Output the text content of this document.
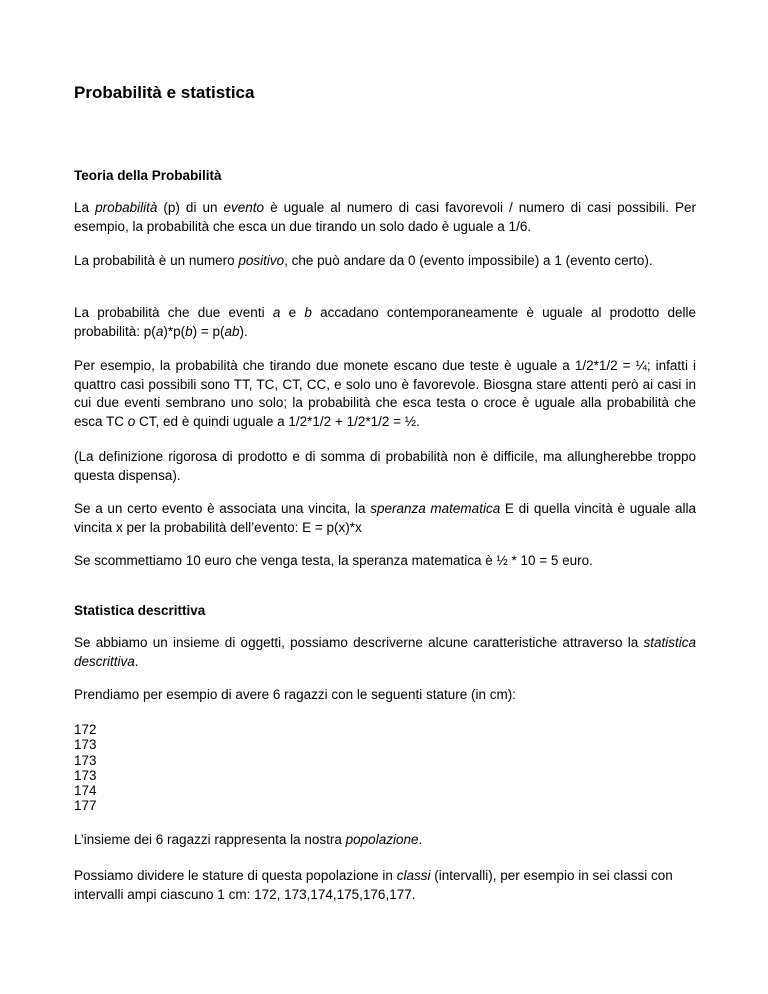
Probabilità e statistica
Teoria della Probabilità

La probabilità (p) di un evento è uguale al numero di casi favorevoli / numero di casi possibili. Per esempio, la probabilità che esca un due tirando un solo dado è uguale a 1/6.

La probabilità è un numero positivo, che può andare da 0 (evento impossibile) a 1 (evento certo).

La probabilità che due eventi a e b accadano contemporaneamente è uguale al prodotto delle probabilità: p(a)*p(b) = p(ab).

Per esempio, la probabilità che tirando due monete escano due teste è uguale a 1/2*1/2 = ¼; infatti i quattro casi possibili sono TT, TC, CT, CC, e solo uno è favorevole. Biosgna stare attenti però ai casi in cui due eventi sembrano uno solo; la probabilità che esca testa o croce è uguale alla probabilità che esca TC o CT, ed è quindi uguale a 1/2*1/2 + 1/2*1/2 = ½.

(La definizione rigorosa di prodotto e di somma di probabilità non è difficile, ma allungherebbe troppo questa dispensa).

Se a un certo evento è associata una vincita, la speranza matematica E di quella vincità è uguale alla vincita x per la probabilità dell’evento: E = p(x)*x

Se scommettiamo 10 euro che venga testa, la speranza matematica è ½ * 10 = 5 euro.

Statistica descrittiva

Se abbiamo un insieme di oggetti, possiamo descriverne alcune caratteristiche attraverso la statistica descrittiva.

Prendiamo per esempio di avere 6 ragazzi con le seguenti stature (in cm):

172
173
173
173
174
177

L’insieme dei 6 ragazzi rappresenta la nostra popolazione.

Possiamo dividere le stature di questa popolazione in classi (intervalli), per esempio in sei classi con intervalli ampi ciascuno 1 cm: 172, 173,174,175,176,177.
